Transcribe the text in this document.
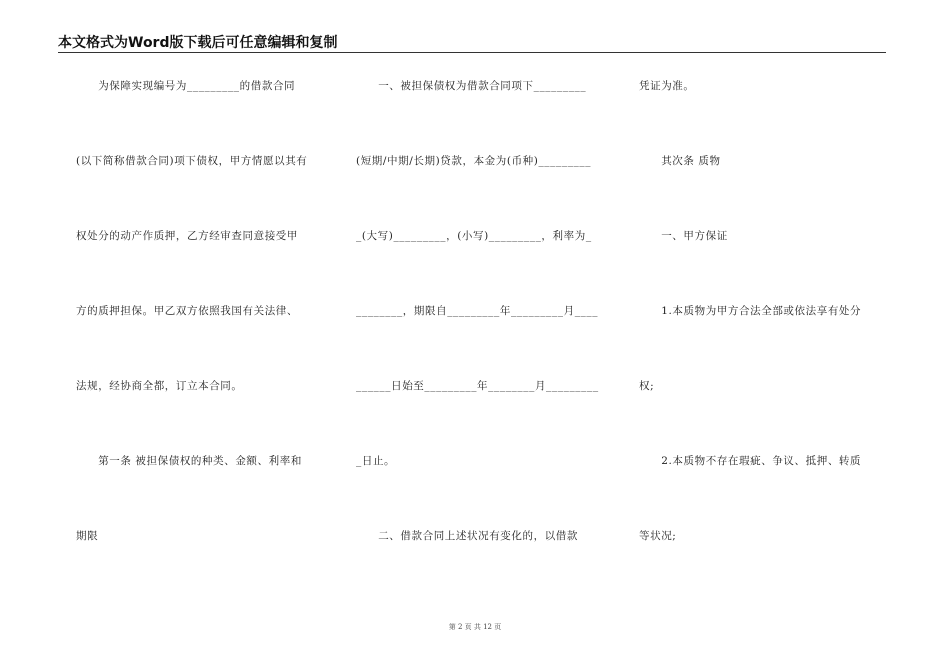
本文格式为Word版下载后可任意编辑和复制
　　为保障实现编号为_________的借款合同
(以下简称借款合同)项下债权，甲方情愿以其有
权处分的动产作质押，乙方经审查同意接受甲
方的质押担保。甲乙双方依照我国有关法律、
法规，经协商全都，订立本合同。
　　第一条 被担保债权的种类、金额、利率和
期限
　　一、被担保债权为借款合同项下_________
(短期/中期/长期)贷款，本金为(币种)_________
_(大写)_________，(小写)_________，利率为_
________，期限自_________年_________月____
______日始至_________年________月_________
_日止。
　　二、借款合同上述状况有变化的，以借款
凭证为准。
　　其次条 质物
　　一、甲方保证
　　1.本质物为甲方合法全部或依法享有处分
权;
　　2.本质物不存在瑕疵、争议、抵押、转质
等状况;
第 2 页 共 12 页
